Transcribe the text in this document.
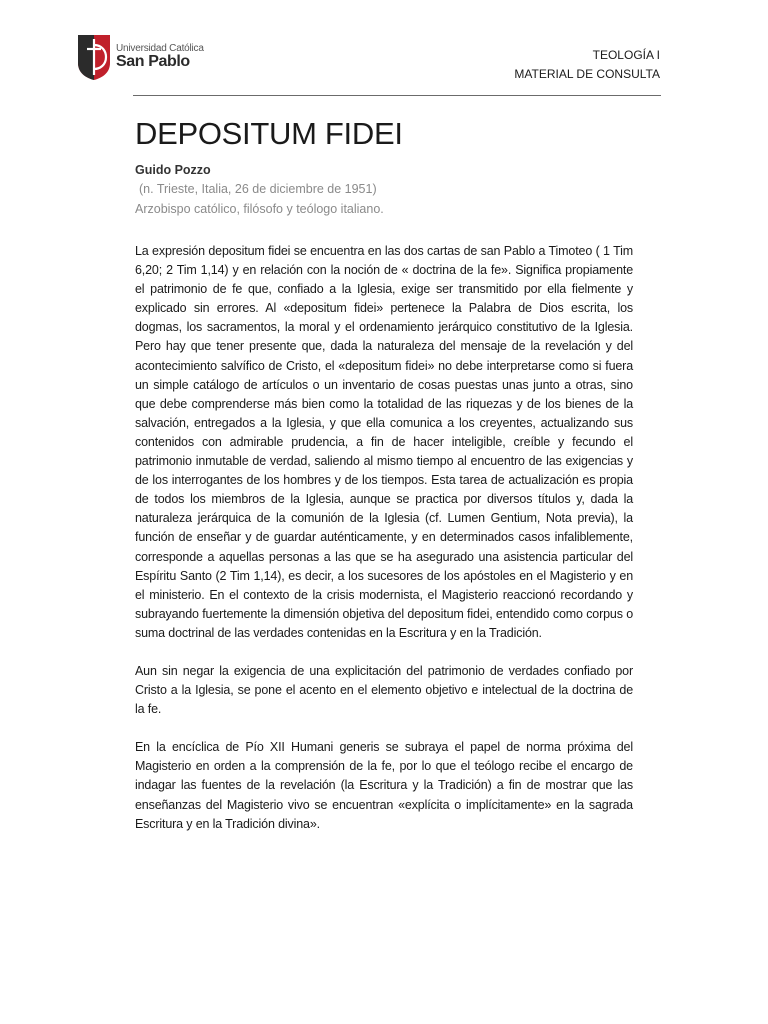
Universidad Católica
San Pablo	TEOLOGÍA I
MATERIAL DE CONSULTA
DEPOSITUM FIDEI

Guido Pozzo

(n. Trieste, Italia, 26 de diciembre de 1951)

Arzobispo católico, filósofo y teólogo italiano.

La expresión depositum fidei se encuentra en las dos cartas de san Pablo a Timoteo ( 1 Tim 6,20; 2 Tim 1,14) y en relación con la noción de « doctrina de la fe». Significa propiamente el patrimonio de fe que, confiado a la Iglesia, exige ser transmitido por ella fielmente y explicado sin errores. Al «depositum fidei» pertenece la Palabra de Dios escrita, los dogmas, los sacramentos, la moral y el ordenamiento jerárquico constitutivo de la Iglesia. Pero hay que tener presente que, dada la naturaleza del mensaje de la revelación y del acontecimiento salvífico de Cristo, el «depositum fidei» no debe interpretarse como si fuera un simple catálogo de artículos o un inventario de cosas puestas unas junto a otras, sino que debe comprenderse más bien como la totalidad de las riquezas y de los bienes de la salvación, entregados a la Iglesia, y que ella comunica a los creyentes, actualizando sus contenidos con admirable prudencia, a fin de hacer inteligible, creíble y fecundo el patrimonio inmutable de verdad, saliendo al mismo tiempo al encuentro de las exigencias y de los interrogantes de los hombres y de los tiempos. Esta tarea de actualización es propia de todos los miembros de la Iglesia, aunque se practica por diversos títulos y, dada la naturaleza jerárquica de la comunión de la Iglesia (cf. Lumen Gentium, Nota previa), la función de enseñar y de guardar auténticamente, y en determinados casos infaliblemente, corresponde a aquellas personas a las que se ha asegurado una asistencia particular del Espíritu Santo (2 Tim 1,14), es decir, a los sucesores de los apóstoles en el Magisterio y en el ministerio. En el contexto de la crisis modernista, el Magisterio reaccionó recordando y subrayando fuertemente la dimensión objetiva del depositum fidei, entendido como corpus o suma doctrinal de las verdades contenidas en la Escritura y en la Tradición.

Aun sin negar la exigencia de una explicitación del patrimonio de verdades confiado por Cristo a la Iglesia, se pone el acento en el elemento objetivo e intelectual de la doctrina de la fe.

En la encíclica de Pío XII Humani generis se subraya el papel de norma próxima del Magisterio en orden a la comprensión de la fe, por lo que el teólogo recibe el encargo de indagar las fuentes de la revelación (la Escritura y la Tradición) a fin de mostrar que las enseñanzas del Magisterio vivo se encuentran «explícita o implícitamente» en la sagrada Escritura y en la Tradición divina».
